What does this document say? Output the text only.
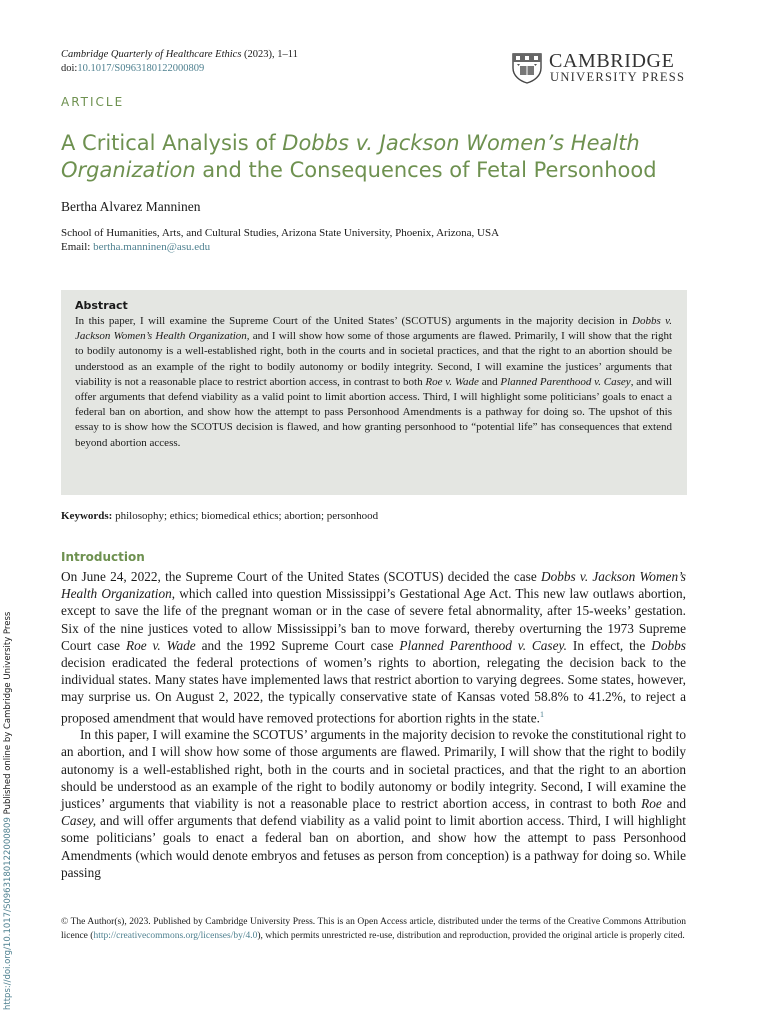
Cambridge Quarterly of Healthcare Ethics (2023), 1–11
doi:10.1017/S0963180122000809	CAMBRIDGE
UNIVERSITY PRESS
ARTICLE
A Critical Analysis of Dobbs v. Jackson Women’s Health Organization and the Consequences of Fetal Personhood
Bertha Alvarez Manninen
School of Humanities, Arts, and Cultural Studies, Arizona State University, Phoenix, Arizona, USA
Email: bertha.manninen@asu.edu
Abstract

In this paper, I will examine the Supreme Court of the United States’ (SCOTUS) arguments in the majority decision in Dobbs v. Jackson Women’s Health Organization, and I will show how some of those arguments are flawed. Primarily, I will show that the right to bodily autonomy is a well-established right, both in the courts and in societal practices, and that the right to an abortion should be understood as an example of the right to bodily autonomy or bodily integrity. Second, I will examine the justices’ arguments that viability is not a reasonable place to restrict abortion access, in contrast to both Roe v. Wade and Planned Parenthood v. Casey, and will offer arguments that defend viability as a valid point to limit abortion access. Third, I will highlight some politicians’ goals to enact a federal ban on abortion, and show how the attempt to pass Personhood Amendments is a pathway for doing so. The upshot of this essay to is show how the SCOTUS decision is flawed, and how granting personhood to “potential life” has consequences that extend beyond abortion access.

Keywords: philosophy; ethics; biomedical ethics; abortion; personhood
Introduction

On June 24, 2022, the Supreme Court of the United States (SCOTUS) decided the case Dobbs v. Jackson Women’s Health Organization, which called into question Mississippi’s Gestational Age Act. This new law outlaws abortion, except to save the life of the pregnant woman or in the case of severe fetal abnormality, after 15-weeks’ gestation. Six of the nine justices voted to allow Mississippi’s ban to move forward, thereby overturning the 1973 Supreme Court case Roe v. Wade and the 1992 Supreme Court case Planned Parenthood v. Casey. In effect, the Dobbs decision eradicated the federal protections of women’s rights to abortion, relegating the decision back to the individual states. Many states have implemented laws that restrict abortion to varying degrees. Some states, however, may surprise us. On August 2, 2022, the typically conservative state of Kansas voted 58.8% to 41.2%, to reject a proposed amendment that would have removed protections for abortion rights in the state.$^1$

In this paper, I will examine the SCOTUS’ arguments in the majority decision to revoke the constitutional right to an abortion, and I will show how some of those arguments are flawed. Primarily, I will show that the right to bodily autonomy is a well-established right, both in the courts and in societal practices, and that the right to an abortion should be understood as an example of the right to bodily autonomy or bodily integrity. Second, I will examine the justices’ arguments that viability is not a reasonable place to restrict abortion access, in contrast to both Roe and Casey, and will offer arguments that defend viability as a valid point to limit abortion access. Third, I will highlight some politicians’ goals to enact a federal ban on abortion, and show how the attempt to pass Personhood Amendments (which would denote embryos and fetuses as person from conception) is a pathway for doing so. While passing

© The Author(s), 2023. Published by Cambridge University Press. This is an Open Access article, distributed under the terms of the Creative Commons Attribution licence (http://creativecommons.org/licenses/by/4.0), which permits unrestricted re-use, distribution and reproduction, provided the original article is properly cited.
https://doi.org/10.1017/S0963180122000809 Published online by Cambridge University Press
